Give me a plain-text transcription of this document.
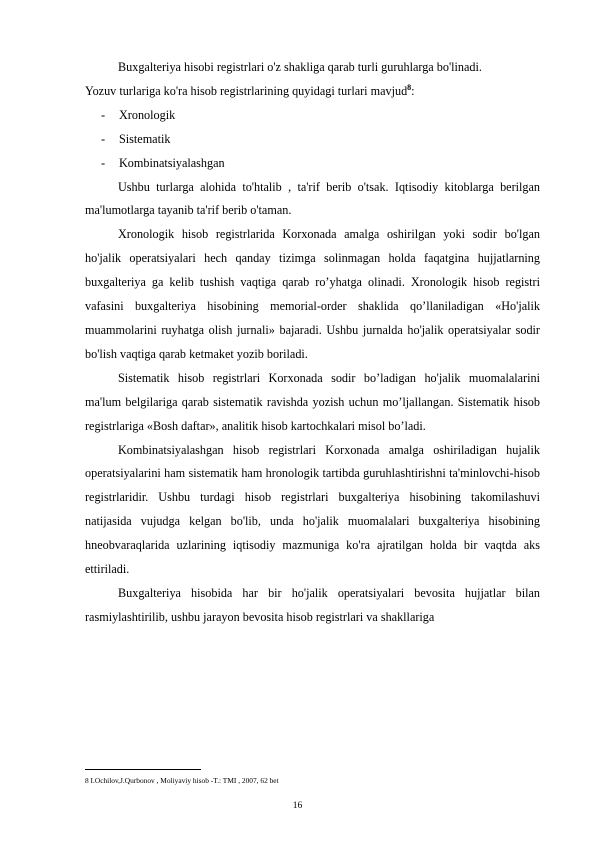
Buxgalteriya hisobi registrlari o'z shakliga qarab turli guruhlarga bo'linadi.

Yozuv turlariga ko'ra hisob registrlarining quyidagi turlari mavjud$^8$:

- Xronologik
- Sistematik
- Kombinatsiyalashgan

Ushbu turlarga alohida to'htalib , ta'rif berib o'tsak. Iqtisodiy kitoblarga berilgan ma'lumotlarga tayanib ta'rif berib o'taman.

Xronologik hisob registrlarida Korxonada amalga oshirilgan yoki sodir bo'lgan ho'jalik operatsiyalari hech qanday tizimga solinmagan holda faqatgina hujjatlarning buxgalteriya ga kelib tushish vaqtiga qarab ro’yhatga olinadi. Xronologik hisob registri vafasini buxgalteriya hisobining memorial-order shaklida qo’llaniladigan «Ho'jalik muammolarini ruyhatga olish jurnali» bajaradi. Ushbu jurnalda ho'jalik operatsiyalar sodir bo'lish vaqtiga qarab ketmaket yozib boriladi.

Sistematik hisob registrlari Korxonada sodir bo’ladigan ho'jalik muomalalarini ma'lum belgilariga qarab sistematik ravishda yozish uchun mo’ljallangan. Sistematik hisob registrlariga «Bosh daftar», analitik hisob kartochkalari misol bo’ladi.

Kombinatsiyalashgan hisob registrlari Korxonada amalga oshiriladigan hujalik operatsiyalarini ham sistematik ham hronologik tartibda guruhlashtirishni ta'minlovchi-hisob registrlaridir. Ushbu turdagi hisob registrlari buxgalteriya hisobining takomilashuvi natijasida vujudga kelgan bo'lib, unda ho'jalik muomalalari buxgalteriya hisobining hneobvaraqlarida uzlarining iqtisodiy mazmuniga ko'ra ajratilgan holda bir vaqtda aks ettiriladi.

Buxgalteriya hisobida har bir ho'jalik operatsiyalari bevosita hujjatlar bilan rasmiylashtirilib, ushbu jarayon bevosita hisob registrlari va shakllariga

8 I.Ochilov,J.Qurbonov , Moliyaviy hisob -T.: TMI , 2007, 62 bet
16
